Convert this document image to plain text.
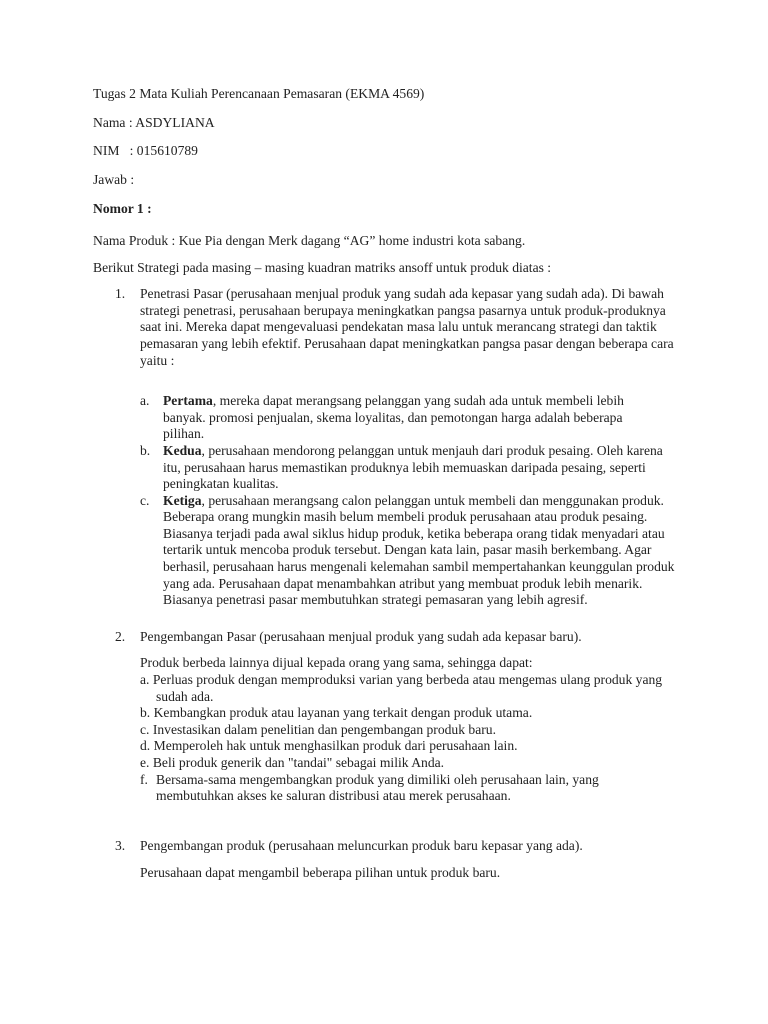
Tugas 2 Mata Kuliah Perencanaan Pemasaran (EKMA 4569)

Nama : ASDYLIANA

NIM   : 015610789

Jawab :

Nomor 1 :

Nama Produk : Kue Pia dengan Merk dagang “AG” home industri kota sabang.

Berikut Strategi pada masing – masing kuadran matriks ansoff untuk produk diatas :

1. Penetrasi Pasar (perusahaan menjual produk yang sudah ada kepasar yang sudah ada). Di bawah strategi penetrasi, perusahaan berupaya meningkatkan pangsa pasarnya untuk produk-produknya saat ini. Mereka dapat mengevaluasi pendekatan masa lalu untuk merancang strategi dan taktik pemasaran yang lebih efektif. Perusahaan dapat meningkatkan pangsa pasar dengan beberapa cara yaitu :
a. Pertama, mereka dapat merangsang pelanggan yang sudah ada untuk membeli lebih banyak. promosi penjualan, skema loyalitas, dan pemotongan harga adalah beberapa pilihan.
b. Kedua, perusahaan mendorong pelanggan untuk menjauh dari produk pesaing. Oleh karena itu, perusahaan harus memastikan produknya lebih memuaskan daripada pesaing, seperti peningkatan kualitas.
c. Ketiga, perusahaan merangsang calon pelanggan untuk membeli dan menggunakan produk. Beberapa orang mungkin masih belum membeli produk perusahaan atau produk pesaing. Biasanya terjadi pada awal siklus hidup produk, ketika beberapa orang tidak menyadari atau tertarik untuk mencoba produk tersebut. Dengan kata lain, pasar masih berkembang. Agar berhasil, perusahaan harus mengenali kelemahan sambil mempertahankan keunggulan produk yang ada. Perusahaan dapat menambahkan atribut yang membuat produk lebih menarik. Biasanya penetrasi pasar membutuhkan strategi pemasaran yang lebih agresif.
2. Pengembangan Pasar (perusahaan menjual produk yang sudah ada kepasar baru).
Produk berbeda lainnya dijual kepada orang yang sama, sehingga dapat:
a. Perluas produk dengan memproduksi varian yang berbeda atau mengemas ulang produk yang sudah ada.
b. Kembangkan produk atau layanan yang terkait dengan produk utama.
c. Investasikan dalam penelitian dan pengembangan produk baru.
d. Memperoleh hak untuk menghasilkan produk dari perusahaan lain.
e. Beli produk generik dan "tandai" sebagai milik Anda.
f. Bersama-sama mengembangkan produk yang dimiliki oleh perusahaan lain, yang membutuhkan akses ke saluran distribusi atau merek perusahaan.
3. Pengembangan produk (perusahaan meluncurkan produk baru kepasar yang ada).
Perusahaan dapat mengambil beberapa pilihan untuk produk baru.
